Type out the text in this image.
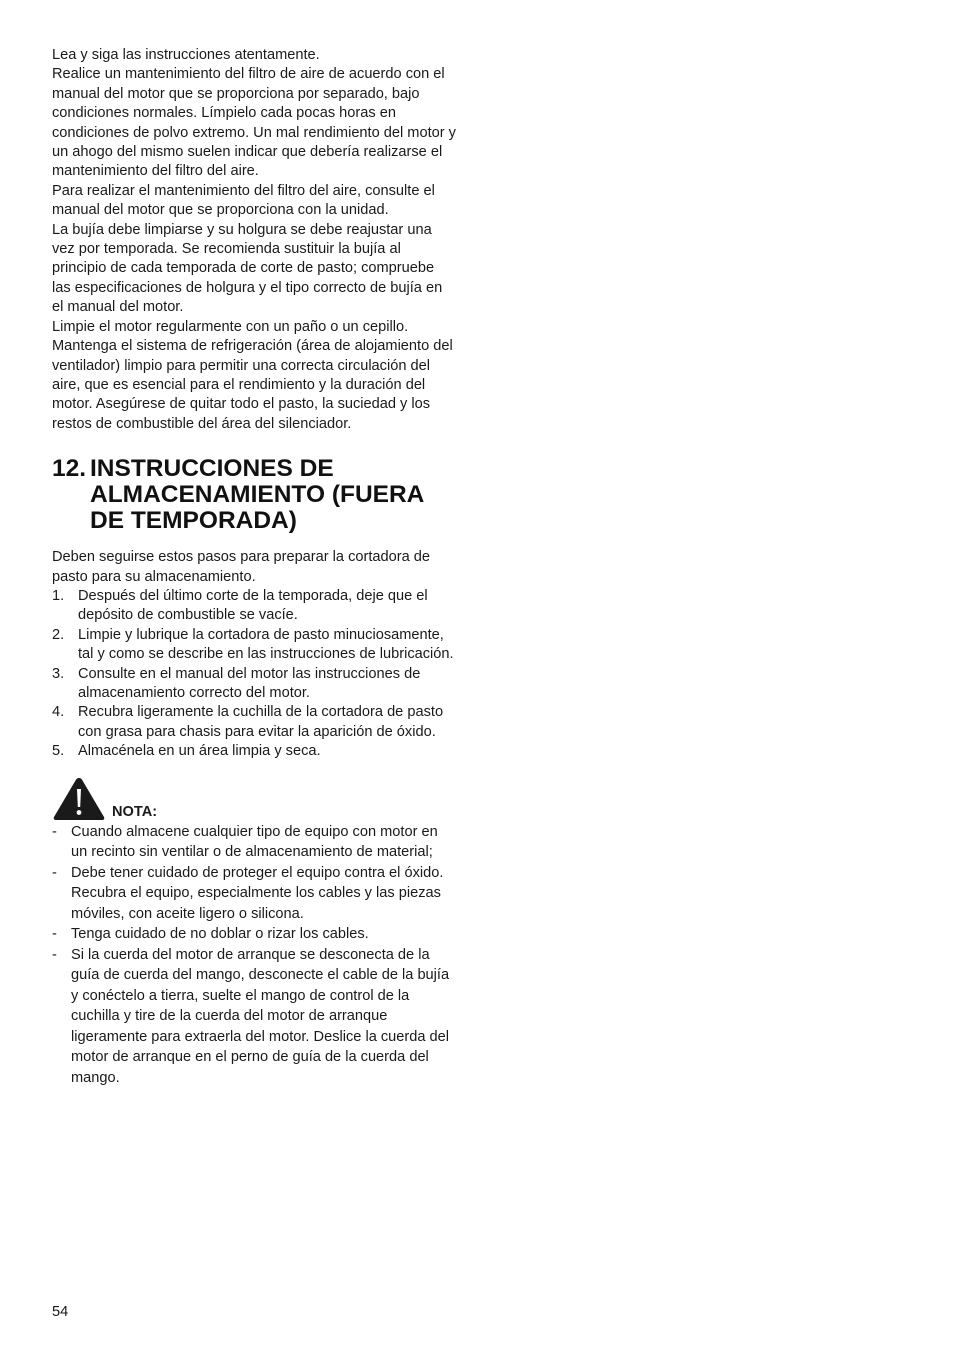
Lea y siga las instrucciones atentamente.

Realice un mantenimiento del filtro de aire de acuerdo con el manual del motor que se proporciona por separado, bajo condiciones normales. Límpielo cada pocas horas en condiciones de polvo extremo. Un mal rendimiento del motor y un ahogo del mismo suelen indicar que debería realizarse el mantenimiento del filtro del aire.

Para realizar el mantenimiento del filtro del aire, consulte el manual del motor que se proporciona con la unidad.

La bujía debe limpiarse y su holgura se debe reajustar una vez por temporada. Se recomienda sustituir la bujía al principio de cada temporada de corte de pasto; compruebe las especificaciones de holgura y el tipo correcto de bujía en el manual del motor.

Limpie el motor regularmente con un paño o un cepillo. Mantenga el sistema de refrigeración (área de alojamiento del ventilador) limpio para permitir una correcta circulación del aire, que es esencial para el rendimiento y la duración del motor. Asegúrese de quitar todo el pasto, la suciedad y los restos de combustible del área del silenciador.

12. INSTRUCCIONES DE ALMACENAMIENTO (FUERA DE TEMPORADA)

Deben seguirse estos pasos para preparar la cortadora de pasto para su almacenamiento.

1. Después del último corte de la temporada, deje que el depósito de combustible se vacíe.
2. Limpie y lubrique la cortadora de pasto minuciosamente, tal y como se describe en las instrucciones de lubricación.
3. Consulte en el manual del motor las instrucciones de almacenamiento correcto del motor.
4. Recubra ligeramente la cuchilla de la cortadora de pasto con grasa para chasis para evitar la aparición de óxido.
5. Almacénela en un área limpia y seca.
NOTA:
- Cuando almacene cualquier tipo de equipo con motor en un recinto sin ventilar o de almacenamiento de material;
- Debe tener cuidado de proteger el equipo contra el óxido. Recubra el equipo, especialmente los cables y las piezas móviles, con aceite ligero o silicona.
- Tenga cuidado de no doblar o rizar los cables.
- Si la cuerda del motor de arranque se desconecta de la guía de cuerda del mango, desconecte el cable de la bujía y conéctelo a tierra, suelte el mango de control de la cuchilla y tire de la cuerda del motor de arranque ligeramente para extraerla del motor. Deslice la cuerda del motor de arranque en el perno de guía de la cuerda del mango.
54
